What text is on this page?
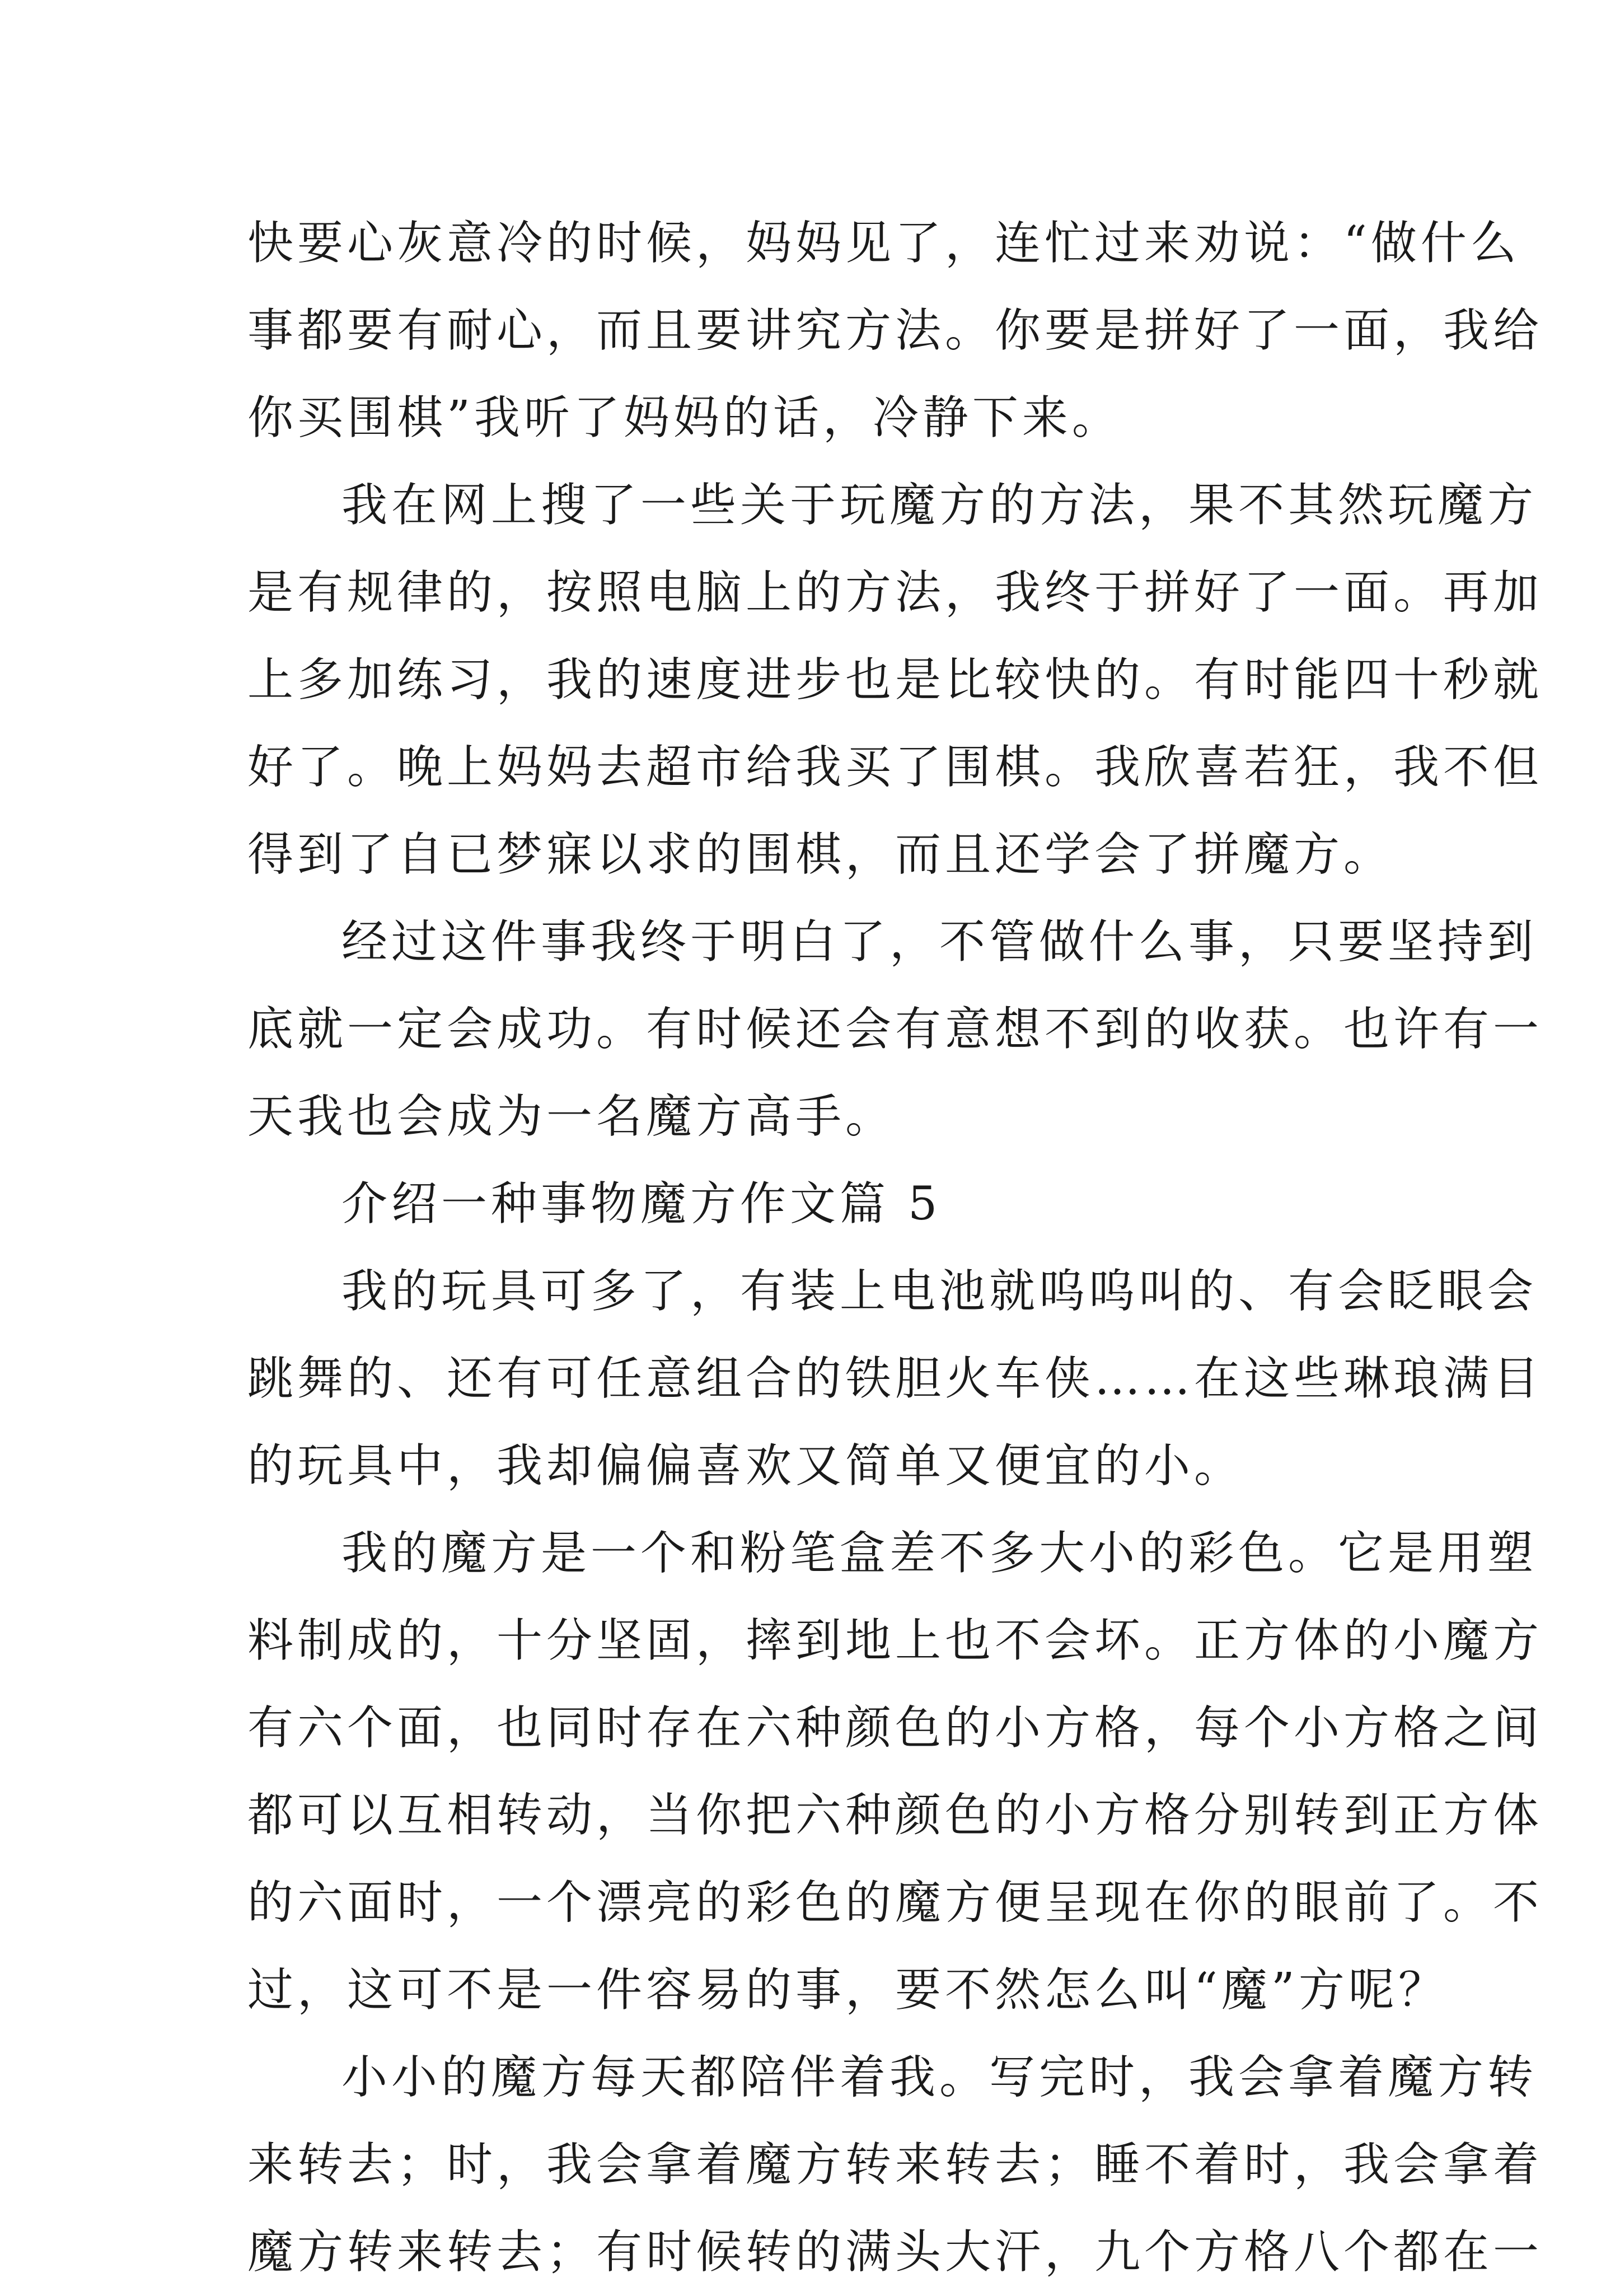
快要心灰意冷的时候，妈妈见了，连忙过来劝说：“做什么
事都要有耐心，而且要讲究方法。你要是拼好了一面，我给
你买围棋”我听了妈妈的话，冷静下来。
我在网上搜了一些关于玩魔方的方法，果不其然玩魔方
是有规律的，按照电脑上的方法，我终于拼好了一面。再加
上多加练习，我的速度进步也是比较快的。有时能四十秒就
好了。晚上妈妈去超市给我买了围棋。我欣喜若狂，我不但
得到了自已梦寐以求的围棋，而且还学会了拼魔方。
经过这件事我终于明白了，不管做什么事，只要坚持到
底就一定会成功。有时候还会有意想不到的收获。也许有一
天我也会成为一名魔方高手。
介绍一种事物魔方作文篇 5
我的玩具可多了，有装上电池就呜呜叫的、有会眨眼会
跳舞的、还有可任意组合的铁胆火车侠……在这些琳琅满目
的玩具中，我却偏偏喜欢又简单又便宜的小。
我的魔方是一个和粉笔盒差不多大小的彩色。它是用塑
料制成的，十分坚固，摔到地上也不会坏。正方体的小魔方
有六个面，也同时存在六种颜色的小方格，每个小方格之间
都可以互相转动，当你把六种颜色的小方格分别转到正方体
的六面时，一个漂亮的彩色的魔方便呈现在你的眼前了。不
过，这可不是一件容易的事，要不然怎么叫“魔”方呢？
小小的魔方每天都陪伴着我。写完时，我会拿着魔方转
来转去；时，我会拿着魔方转来转去；睡不着时，我会拿着
魔方转来转去；有时候转的满头大汗，九个方格八个都在一
